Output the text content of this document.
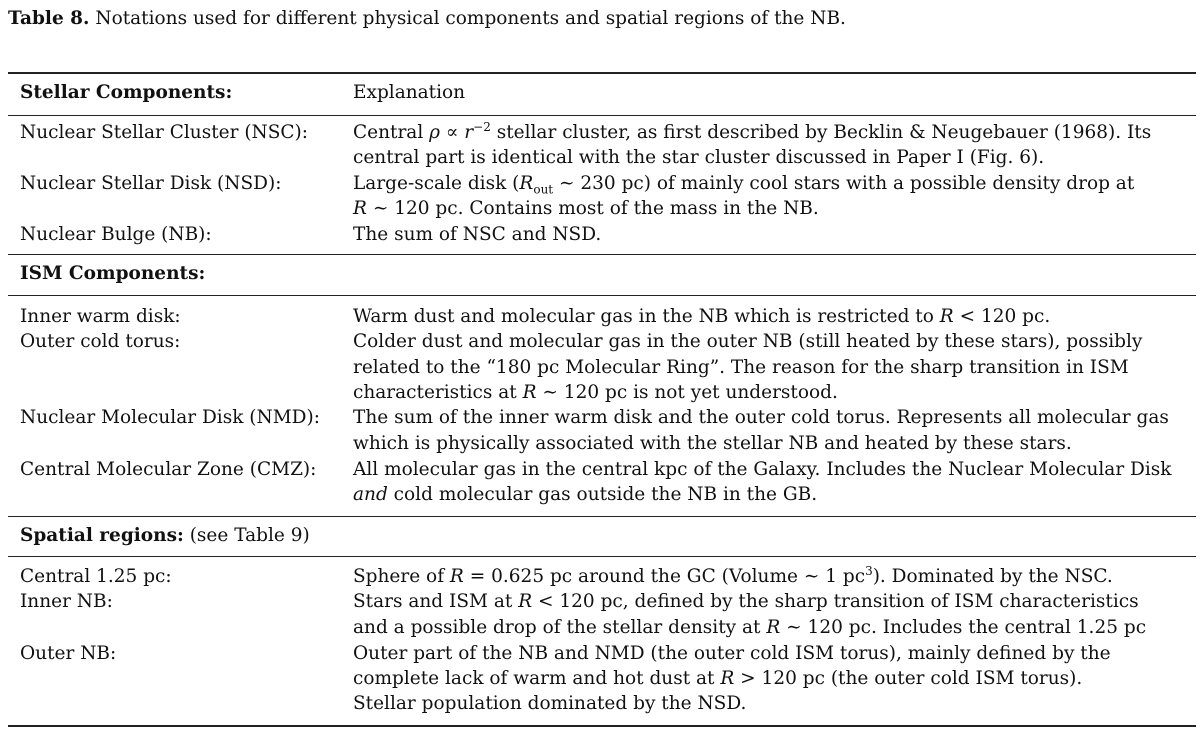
Table 8. Notations used for different physical components and spatial regions of the NB.
Stellar Components:	Explanation
Nuclear Stellar Cluster (NSC): Central $\rho \propto r^{-2}$ stellar cluster, as first described by Becklin & Neugebauer (1968). Its
central part is identical with the star cluster discussed in Paper I (Fig. 6).
Nuclear Stellar Disk (NSD):	Large-scale disk ($R_{out}$ ∼ 230 pc) of mainly cool stars with a possible density drop at
R ∼ 120 pc. Contains most of the mass in the NB.
Nuclear Bulge (NB):	The sum of NSC and NSD.
ISM Components:
Inner warm disk:	Warm dust and molecular gas in the NB which is restricted to R < 120 pc.
Outer cold torus:	Colder dust and molecular gas in the outer NB (still heated by these stars), possibly
related to the “180 pc Molecular Ring”. The reason for the sharp transition in ISM
characteristics at R ∼ 120 pc is not yet understood.
Nuclear Molecular Disk (NMD): The sum of the inner warm disk and the outer cold torus. Represents all molecular gas
which is physically associated with the stellar NB and heated by these stars.
Central Molecular Zone (CMZ): All molecular gas in the central kpc of the Galaxy. Includes the Nuclear Molecular Disk
and cold molecular gas outside the NB in the GB.
Spatial regions: (see Table 9)
Central 1.25 pc:	Sphere of R = 0.625 pc around the GC (Volume ∼ 1 $pc^3$). Dominated by the NSC.
Inner NB:	Stars and ISM at R < 120 pc, defined by the sharp transition of ISM characteristics
and a possible drop of the stellar density at R ∼ 120 pc. Includes the central 1.25 pc
Outer NB:	Outer part of the NB and NMD (the outer cold ISM torus), mainly defined by the
complete lack of warm and hot dust at R > 120 pc (the outer cold ISM torus).
Stellar population dominated by the NSD.
